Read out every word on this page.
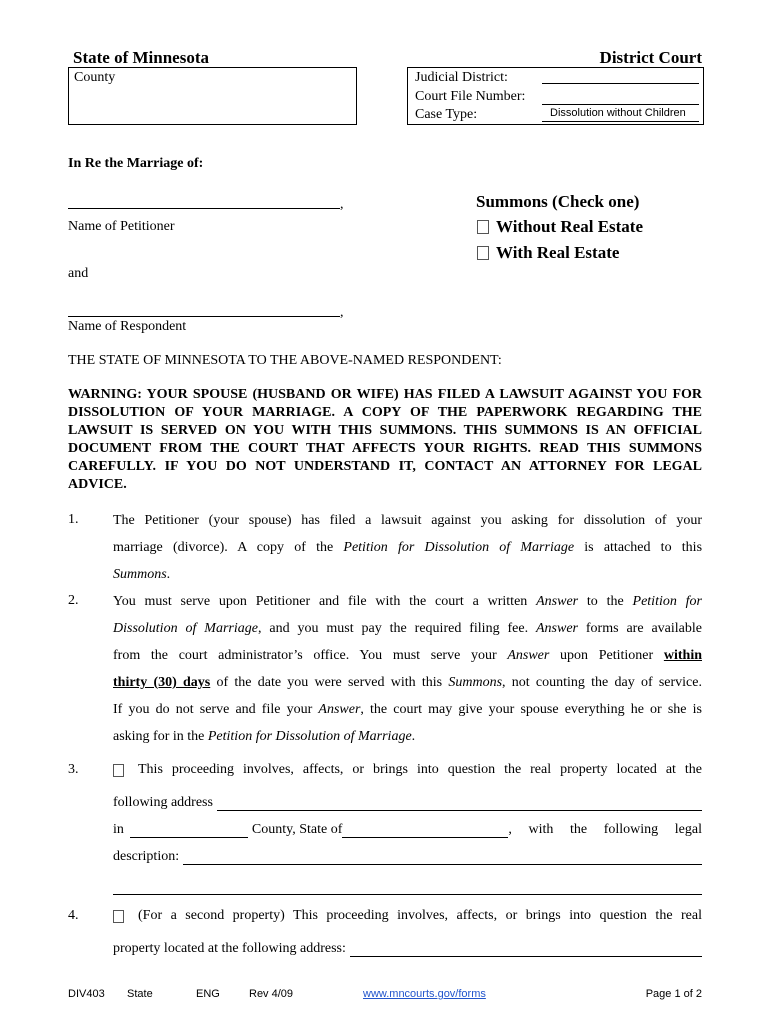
State of Minnesota	District Court
County	Judicial District:
Court File Number:
Case Type:	Dissolution without Children
In Re the Marriage of:
,
Name of Petitioner
and
,
Name of Respondent
Summons (Check one)
Without Real Estate
With Real Estate
THE STATE OF MINNESOTA TO THE ABOVE-NAMED RESPONDENT:
WARNING: YOUR SPOUSE (HUSBAND OR WIFE) HAS FILED A LAWSUIT AGAINST YOU FOR DISSOLUTION OF YOUR MARRIAGE. A COPY OF THE PAPERWORK REGARDING THE LAWSUIT IS SERVED ON YOU WITH THIS SUMMONS. THIS SUMMONS IS AN OFFICIAL DOCUMENT FROM THE COURT THAT AFFECTS YOUR RIGHTS. READ THIS SUMMONS CAREFULLY. IF YOU DO NOT UNDERSTAND IT, CONTACT AN ATTORNEY FOR LEGAL ADVICE.
1. The Petitioner (your spouse) has filed a lawsuit against you asking for dissolution of your
marriage (divorce). A copy of the Petition for Dissolution of Marriage is attached to this
Summons.
2. You must serve upon Petitioner and file with the court a written Answer to the Petition for
Dissolution of Marriage, and you must pay the required filing fee. Answer forms are available
from the court administrator’s office. You must serve your Answer upon Petitioner within
thirty (30) days of the date you were served with this Summons, not counting the day of service.
If you do not serve and file your Answer, the court may give your spouse everything he or she is
asking for in the Petition for Dissolution of Marriage.
3.	This proceeding involves, affects, or brings into question the real property located at the
following address
in	County, State of	, with the following legal
description:
4.	(For a second property) This proceeding involves, affects, or brings into question the real
property located at the following address:
DIV403 State	ENG	Rev 4/09	www.mncourts.gov/forms	Page 1 of 2
